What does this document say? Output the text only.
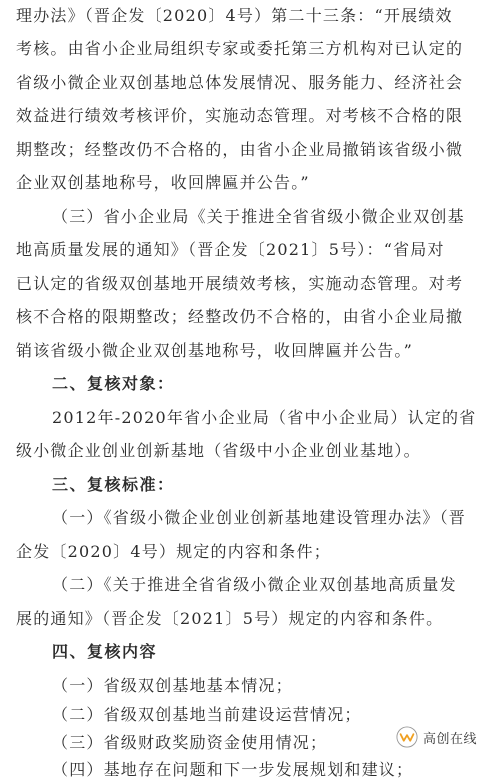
理办法》（晋企发〔2020〕4号）第二十三条：“开展绩效

考核。由省小企业局组织专家或委托第三方机构对已认定的

省级小微企业双创基地总体发展情况、服务能力、经济社会

效益进行绩效考核评价，实施动态管理。对考核不合格的限

期整改；经整改仍不合格的，由省小企业局撤销该省级小微

企业双创基地称号，收回牌匾并公告。”

（三）省小企业局《关于推进全省省级小微企业双创基

地高质量发展的通知》（晋企发〔2021〕5号）：“省局对

已认定的省级双创基地开展绩效考核，实施动态管理。对考

核不合格的限期整改；经整改仍不合格的，由省小企业局撤

销该省级小微企业双创基地称号，收回牌匾并公告。”

二、复核对象：

2012年-2020年省小企业局（省中小企业局）认定的省

级小微企业创业创新基地（省级中小企业创业基地）。

三、复核标准：

（一）《省级小微企业创业创新基地建设管理办法》（晋

企发〔2020〕4号）规定的内容和条件；

（二）《关于推进全省省级小微企业双创基地高质量发

展的通知》（晋企发〔2021〕5号）规定的内容和条件。

四、复核内容

（一）省级双创基地基本情况；

（二）省级双创基地当前建设运营情况；

（三）省级财政奖励资金使用情况；

（四）基地存在问题和下一步发展规划和建议；

高创在线
